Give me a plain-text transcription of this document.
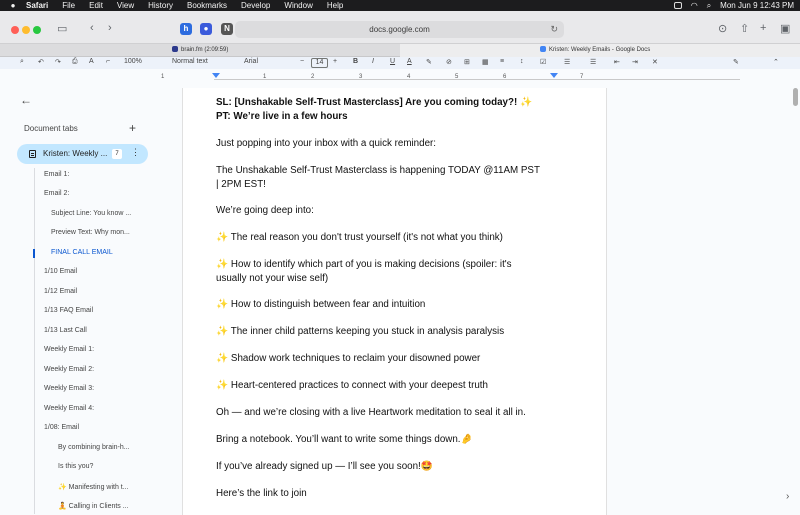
●	Safari File Edit View History Bookmarks Develop Window Help	◠ ⌕ Mon Jun 9 12:43 PM
▭ ‹ ›	h	●	N	docs.google.com	↻	⊙ ⇧ + ▣
brain.fm (2:09:59)	Kristen: Weekly Emails - Google Docs
⌕ ↶ ↷ ⎙ A ⌐ 100%	Normal text	Arial	−	14	+ B I U A ✎ ⊘ ⊞ ▦ ≡ ↕ ☑	☰	☰	⇤ ⇥ ✕	✎	⌃
1	1	2	3	4	5	6	7
←
Document tabs	+
Kristen: Weekly ...	7	⋮
Email 1:
Email 2:
Subject Line: You know ...
Preview Text: Why mon...
FINAL CALL EMAIL
1/10 Email
1/12 Email
1/13 FAQ Email
1/13 Last Call
Weekly Email 1:
Weekly Email 2:
Weekly Email 3:
Weekly Email 4:
1/08: Email
By combining brain-h...
Is this you?
✨ Manifesting with t...
🧘 Calling in Clients ...
SL: [Unshakable Self-Trust Masterclass] Are you coming today?! ✨
PT: We’re live in a few hours
Just popping into your inbox with a quick reminder:
The Unshakable Self-Trust Masterclass is happening TODAY @11AM PST
| 2PM EST!
We’re going deep into:
✨ The real reason you don't trust yourself (it's not what you think)
✨ How to identify which part of you is making decisions (spoiler: it's
usually not your wise self)
✨ How to distinguish between fear and intuition
✨ The inner child patterns keeping you stuck in analysis paralysis
✨ Shadow work techniques to reclaim your disowned power
✨ Heart-centered practices to connect with your deepest truth
Oh — and we’re closing with a live Heartwork meditation to seal it all in.
Bring a notebook. You’ll want to write some things down.🤌
If you’ve already signed up — I’ll see you soon!🤩
Here’s the link to join	›
